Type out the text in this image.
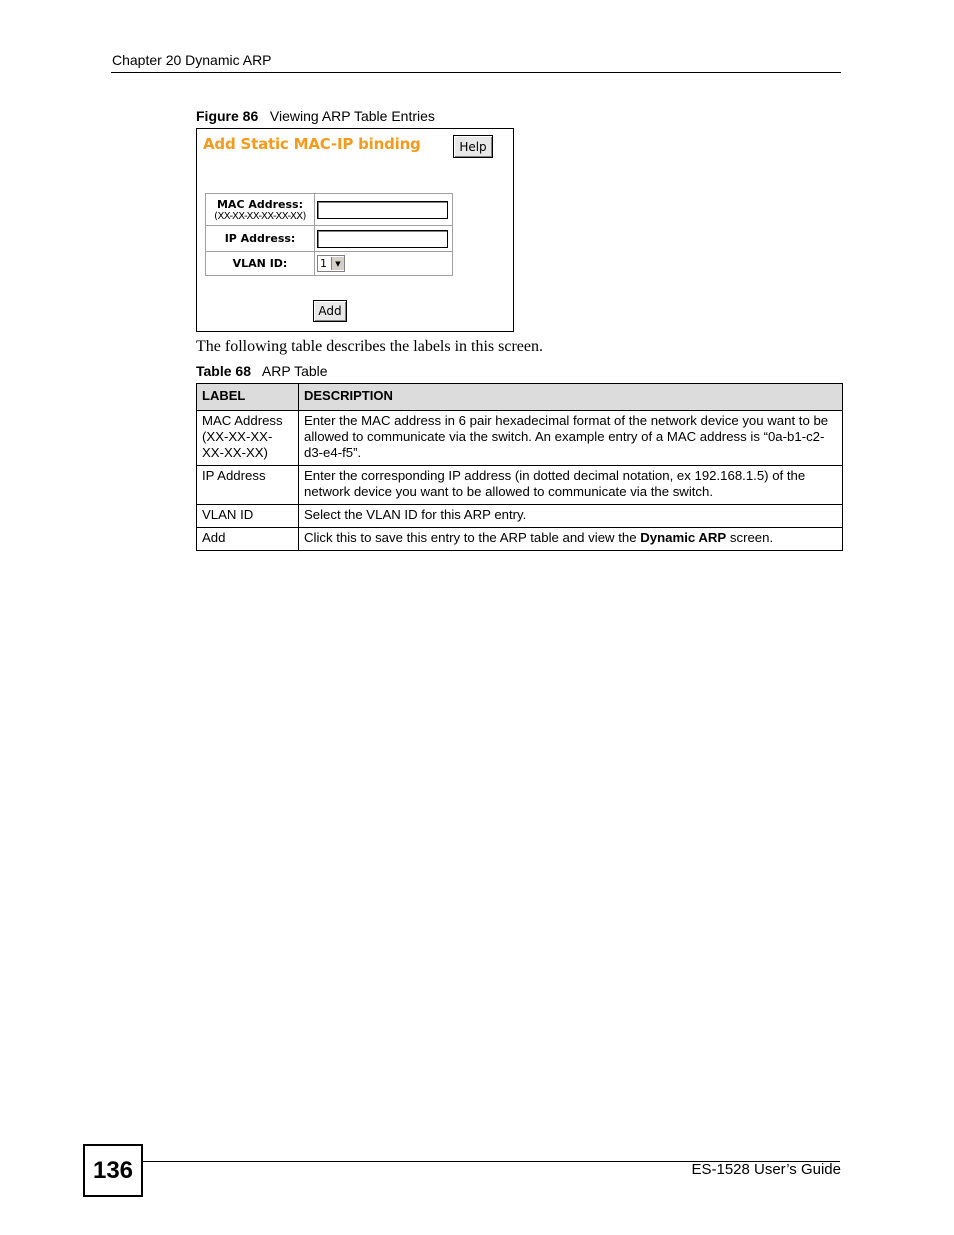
Chapter 20 Dynamic ARP
Figure 86 Viewing ARP Table Entries
Add Static MAC-IP binding	Help
MAC Address:
(XX-XX-XX-XX-XX-XX)	

IP Address:	

VLAN ID:	1 ▼
Add
The following table describes the labels in this screen.
Table 68 ARP Table
LABEL	DESCRIPTION
MAC Address (XX-XX-XX-XX-XX-XX)	Enter the MAC address in 6 pair hexadecimal format of the network device you want to be allowed to communicate via the switch. An example entry of a MAC address is “0a-b1-c2-d3-e4-f5”.
IP Address	Enter the corresponding IP address (in dotted decimal notation, ex 192.168.1.5) of the network device you want to be allowed to communicate via the switch.
VLAN ID	Select the VLAN ID for this ARP entry.
Add	Click this to save this entry to the ARP table and view the Dynamic ARP screen.
136	ES-1528 User’s Guide
